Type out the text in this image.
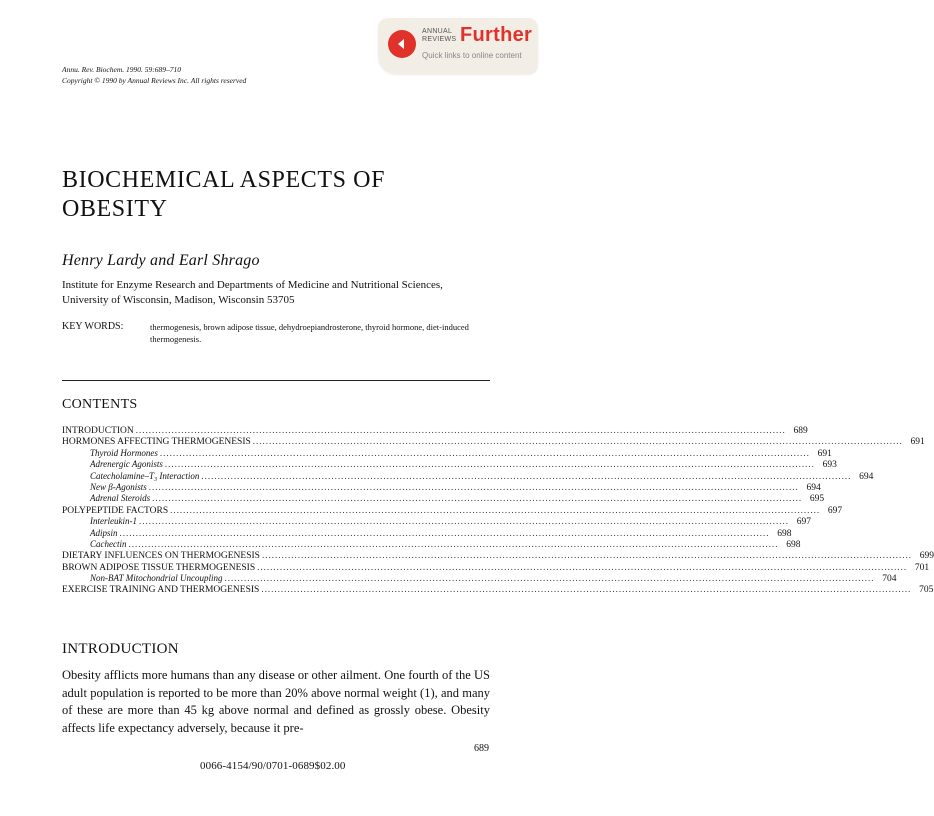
ANNUAL
REVIEWS Further
Quick links to online content
Annu. Rev. Biochem. 1990. 59:689–710
Copyright © 1990 by Annual Reviews Inc. All rights reserved
BIOCHEMICAL ASPECTS OF
OBESITY
Henry Lardy and Earl Shrago
Institute for Enzyme Research and Departments of Medicine and Nutritional Sciences,
University of Wisconsin, Madison, Wisconsin 53705
KEY WORDS:	thermogenesis, brown adipose tissue, dehydroepiandrosterone, thyroid hormone, diet-induced thermogenesis.
CONTENTS
INTRODUCTION ........................................................................................................................................................................................................ 689
HORMONES AFFECTING THERMOGENESIS ........................................................................................................................................................................................................ 691
Thyroid Hormones ........................................................................................................................................................................................................ 691
Adrenergic Agonists ........................................................................................................................................................................................................ 693
Catecholamine–T₃ Interaction ........................................................................................................................................................................................................ 694
New β-Agonists ........................................................................................................................................................................................................ 694
Adrenal Steroids ........................................................................................................................................................................................................ 695
POLYPEPTIDE FACTORS ........................................................................................................................................................................................................ 697
Interleukin-1 ........................................................................................................................................................................................................ 697
Adipsin ........................................................................................................................................................................................................ 698
Cachectin ........................................................................................................................................................................................................ 698
DIETARY INFLUENCES ON THERMOGENESIS ........................................................................................................................................................................................................ 699
BROWN ADIPOSE TISSUE THERMOGENESIS ........................................................................................................................................................................................................ 701
Non-BAT Mitochondrial Uncoupling ........................................................................................................................................................................................................ 704
EXERCISE TRAINING AND THERMOGENESIS ........................................................................................................................................................................................................ 705
INTRODUCTION
Obesity afflicts more humans than any disease or other ailment. One fourth of the US adult population is reported to be more than 20% above normal weight (1), and many of these are more than 45 kg above normal and defined as grossly obese. Obesity affects life expectancy adversely, because it pre-
689
0066-4154/90/0701-0689$02.00
